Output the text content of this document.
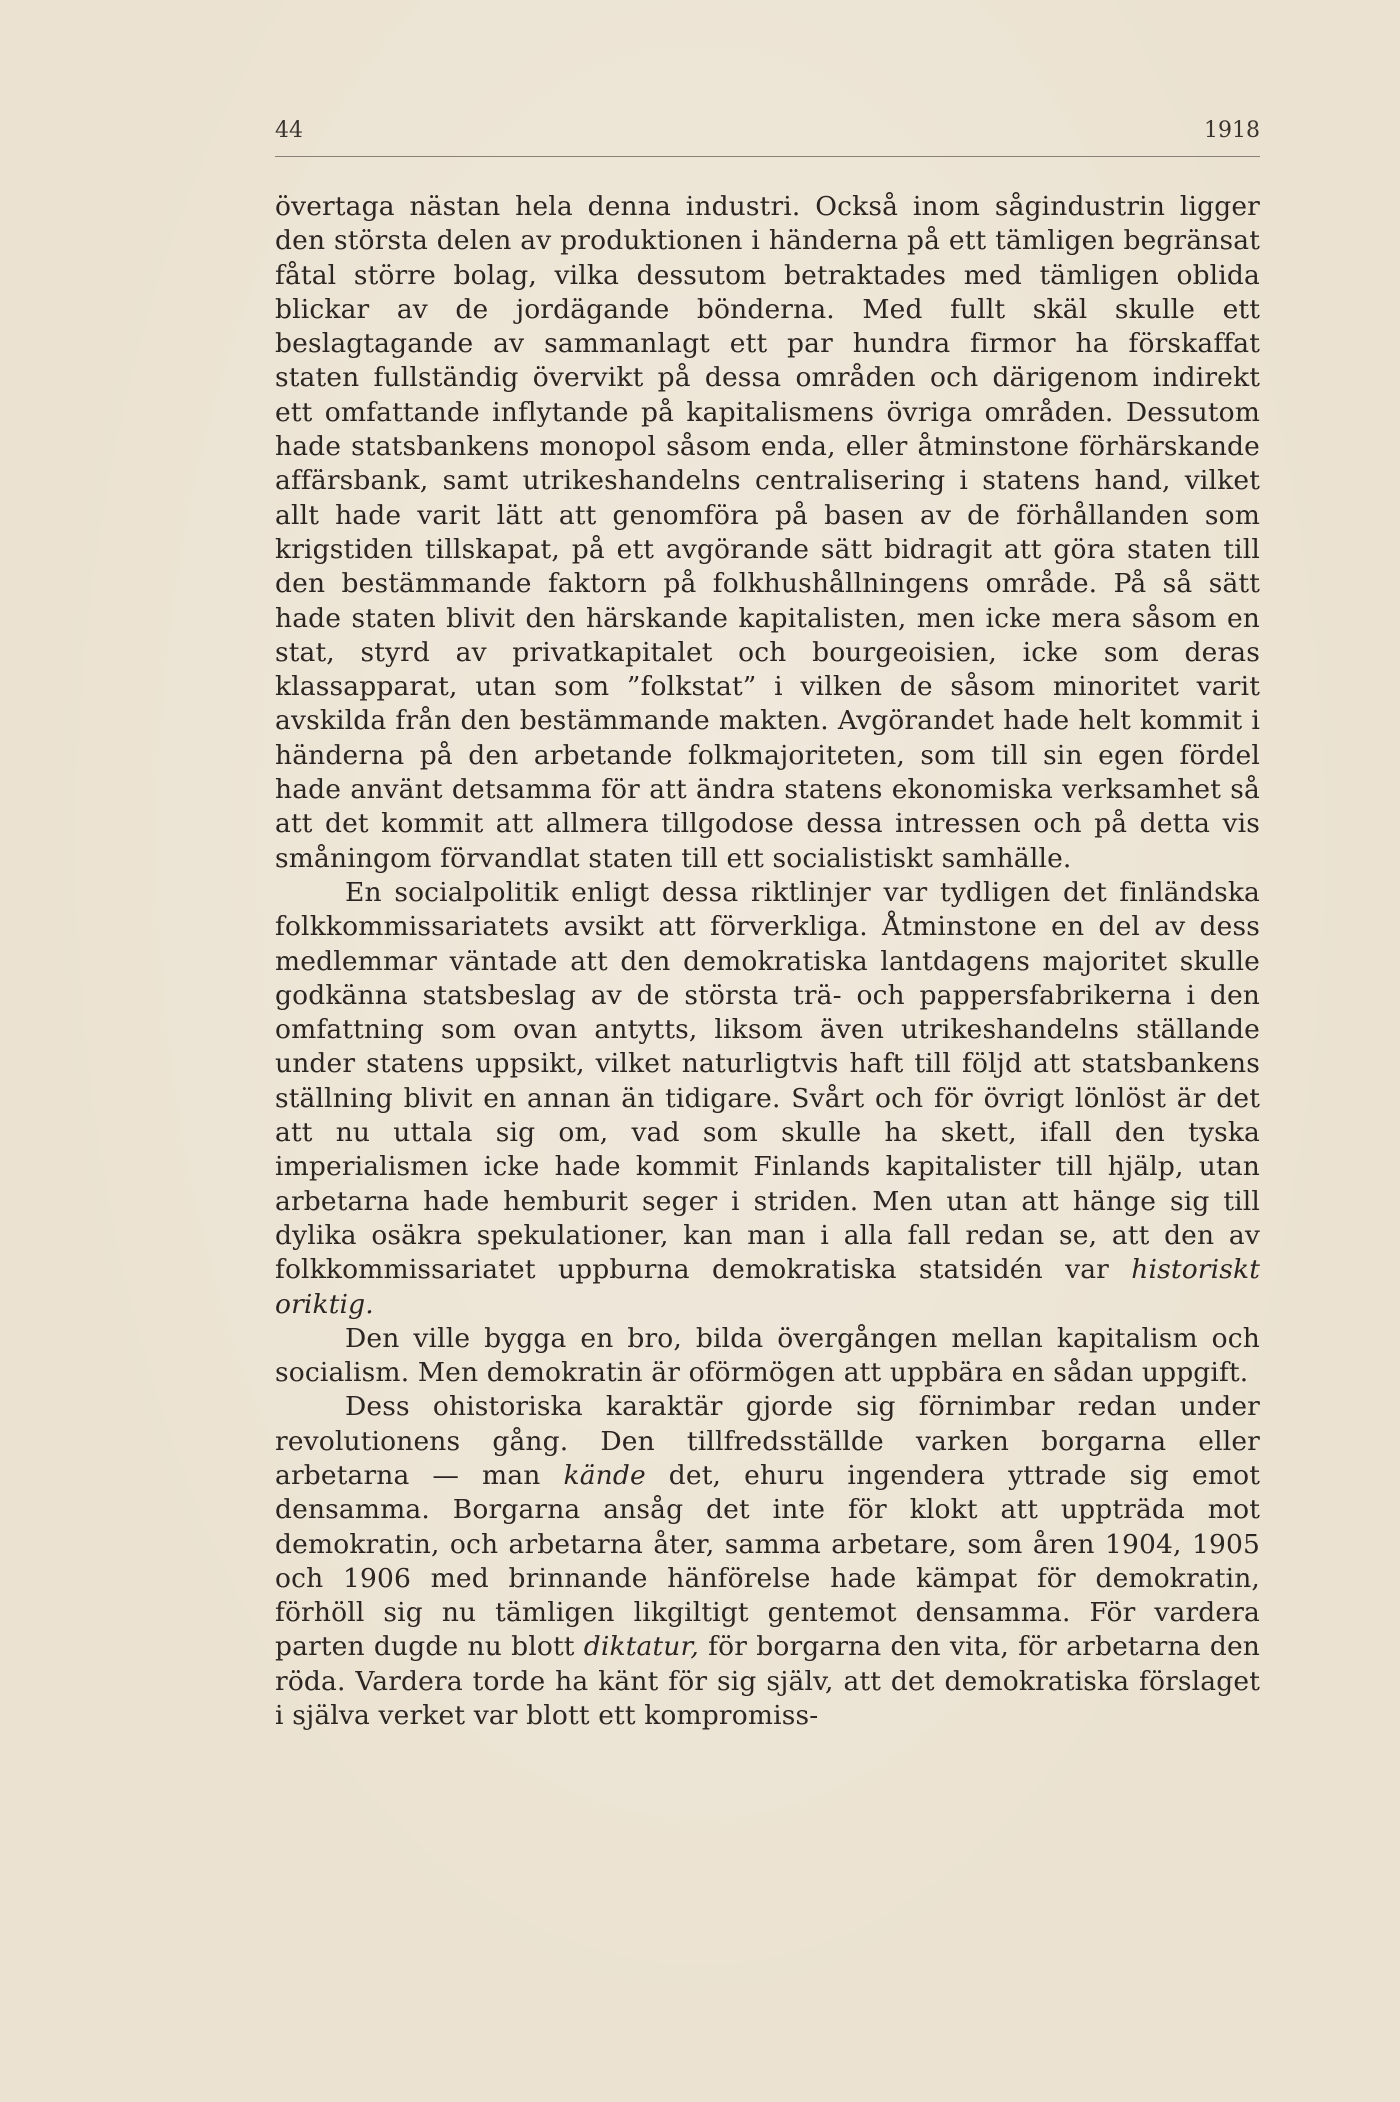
44	1918

övertaga nästan hela denna industri. Också inom sågindustrin ligger den största delen av produktionen i händerna på ett tämligen begränsat fåtal större bolag, vilka dessutom betraktades med tämligen oblida blickar av de jordägande bönderna. Med fullt skäl skulle ett beslagtagande av sammanlagt ett par hundra firmor ha förskaffat staten fullständig övervikt på dessa områden och därigenom indirekt ett omfattande inflytande på kapitalismens övriga områden. Dessutom hade statsbankens monopol såsom enda, eller åtminstone förhärskande affärsbank, samt utrikeshandelns centralisering i statens hand, vilket allt hade varit lätt att genomföra på basen av de förhållanden som krigstiden tillskapat, på ett avgörande sätt bidragit att göra staten till den bestämmande faktorn på folkhushållningens område. På så sätt hade staten blivit den härskande kapitalisten, men icke mera såsom en stat, styrd av privatkapitalet och bourgeoisien, icke som deras klassapparat, utan som ”folkstat” i vilken de såsom minoritet varit avskilda från den bestämmande makten. Avgörandet hade helt kommit i händerna på den arbetande folkmajoriteten, som till sin egen fördel hade använt detsamma för att ändra statens ekonomiska verksamhet så att det kommit att allmera tillgodose dessa intressen och på detta vis småningom förvandlat staten till ett socialistiskt samhälle.

En socialpolitik enligt dessa riktlinjer var tydligen det finländska folkkommissariatets avsikt att förverkliga. Åtminstone en del av dess medlemmar väntade att den demokratiska lantdagens majoritet skulle godkänna statsbeslag av de största trä- och pappersfabrikerna i den omfattning som ovan antytts, liksom även utrikeshandelns ställande under statens uppsikt, vilket naturligtvis haft till följd att statsbankens ställning blivit en annan än tidigare. Svårt och för övrigt lönlöst är det att nu uttala sig om, vad som skulle ha skett, ifall den tyska imperialismen icke hade kommit Finlands kapitalister till hjälp, utan arbetarna hade hemburit seger i striden. Men utan att hänge sig till dylika osäkra spekulationer, kan man i alla fall redan se, att den av folkkommissariatet uppburna demokratiska statsidén var historiskt oriktig.

Den ville bygga en bro, bilda övergången mellan kapitalism och socialism. Men demokratin är oförmögen att uppbära en sådan uppgift.

Dess ohistoriska karaktär gjorde sig förnimbar redan under revolutionens gång. Den tillfredsställde varken borgarna eller arbetarna — man kände det, ehuru ingendera yttrade sig emot densamma. Borgarna ansåg det inte för klokt att uppträda mot demokratin, och arbetarna åter, samma arbetare, som åren 1904, 1905 och 1906 med brinnande hänförelse hade kämpat för demokratin, förhöll sig nu tämligen likgiltigt gentemot densamma. För vardera parten dugde nu blott diktatur, för borgarna den vita, för arbetarna den röda. Vardera torde ha känt för sig själv, att det demokratiska förslaget i själva verket var blott ett kompromiss-
